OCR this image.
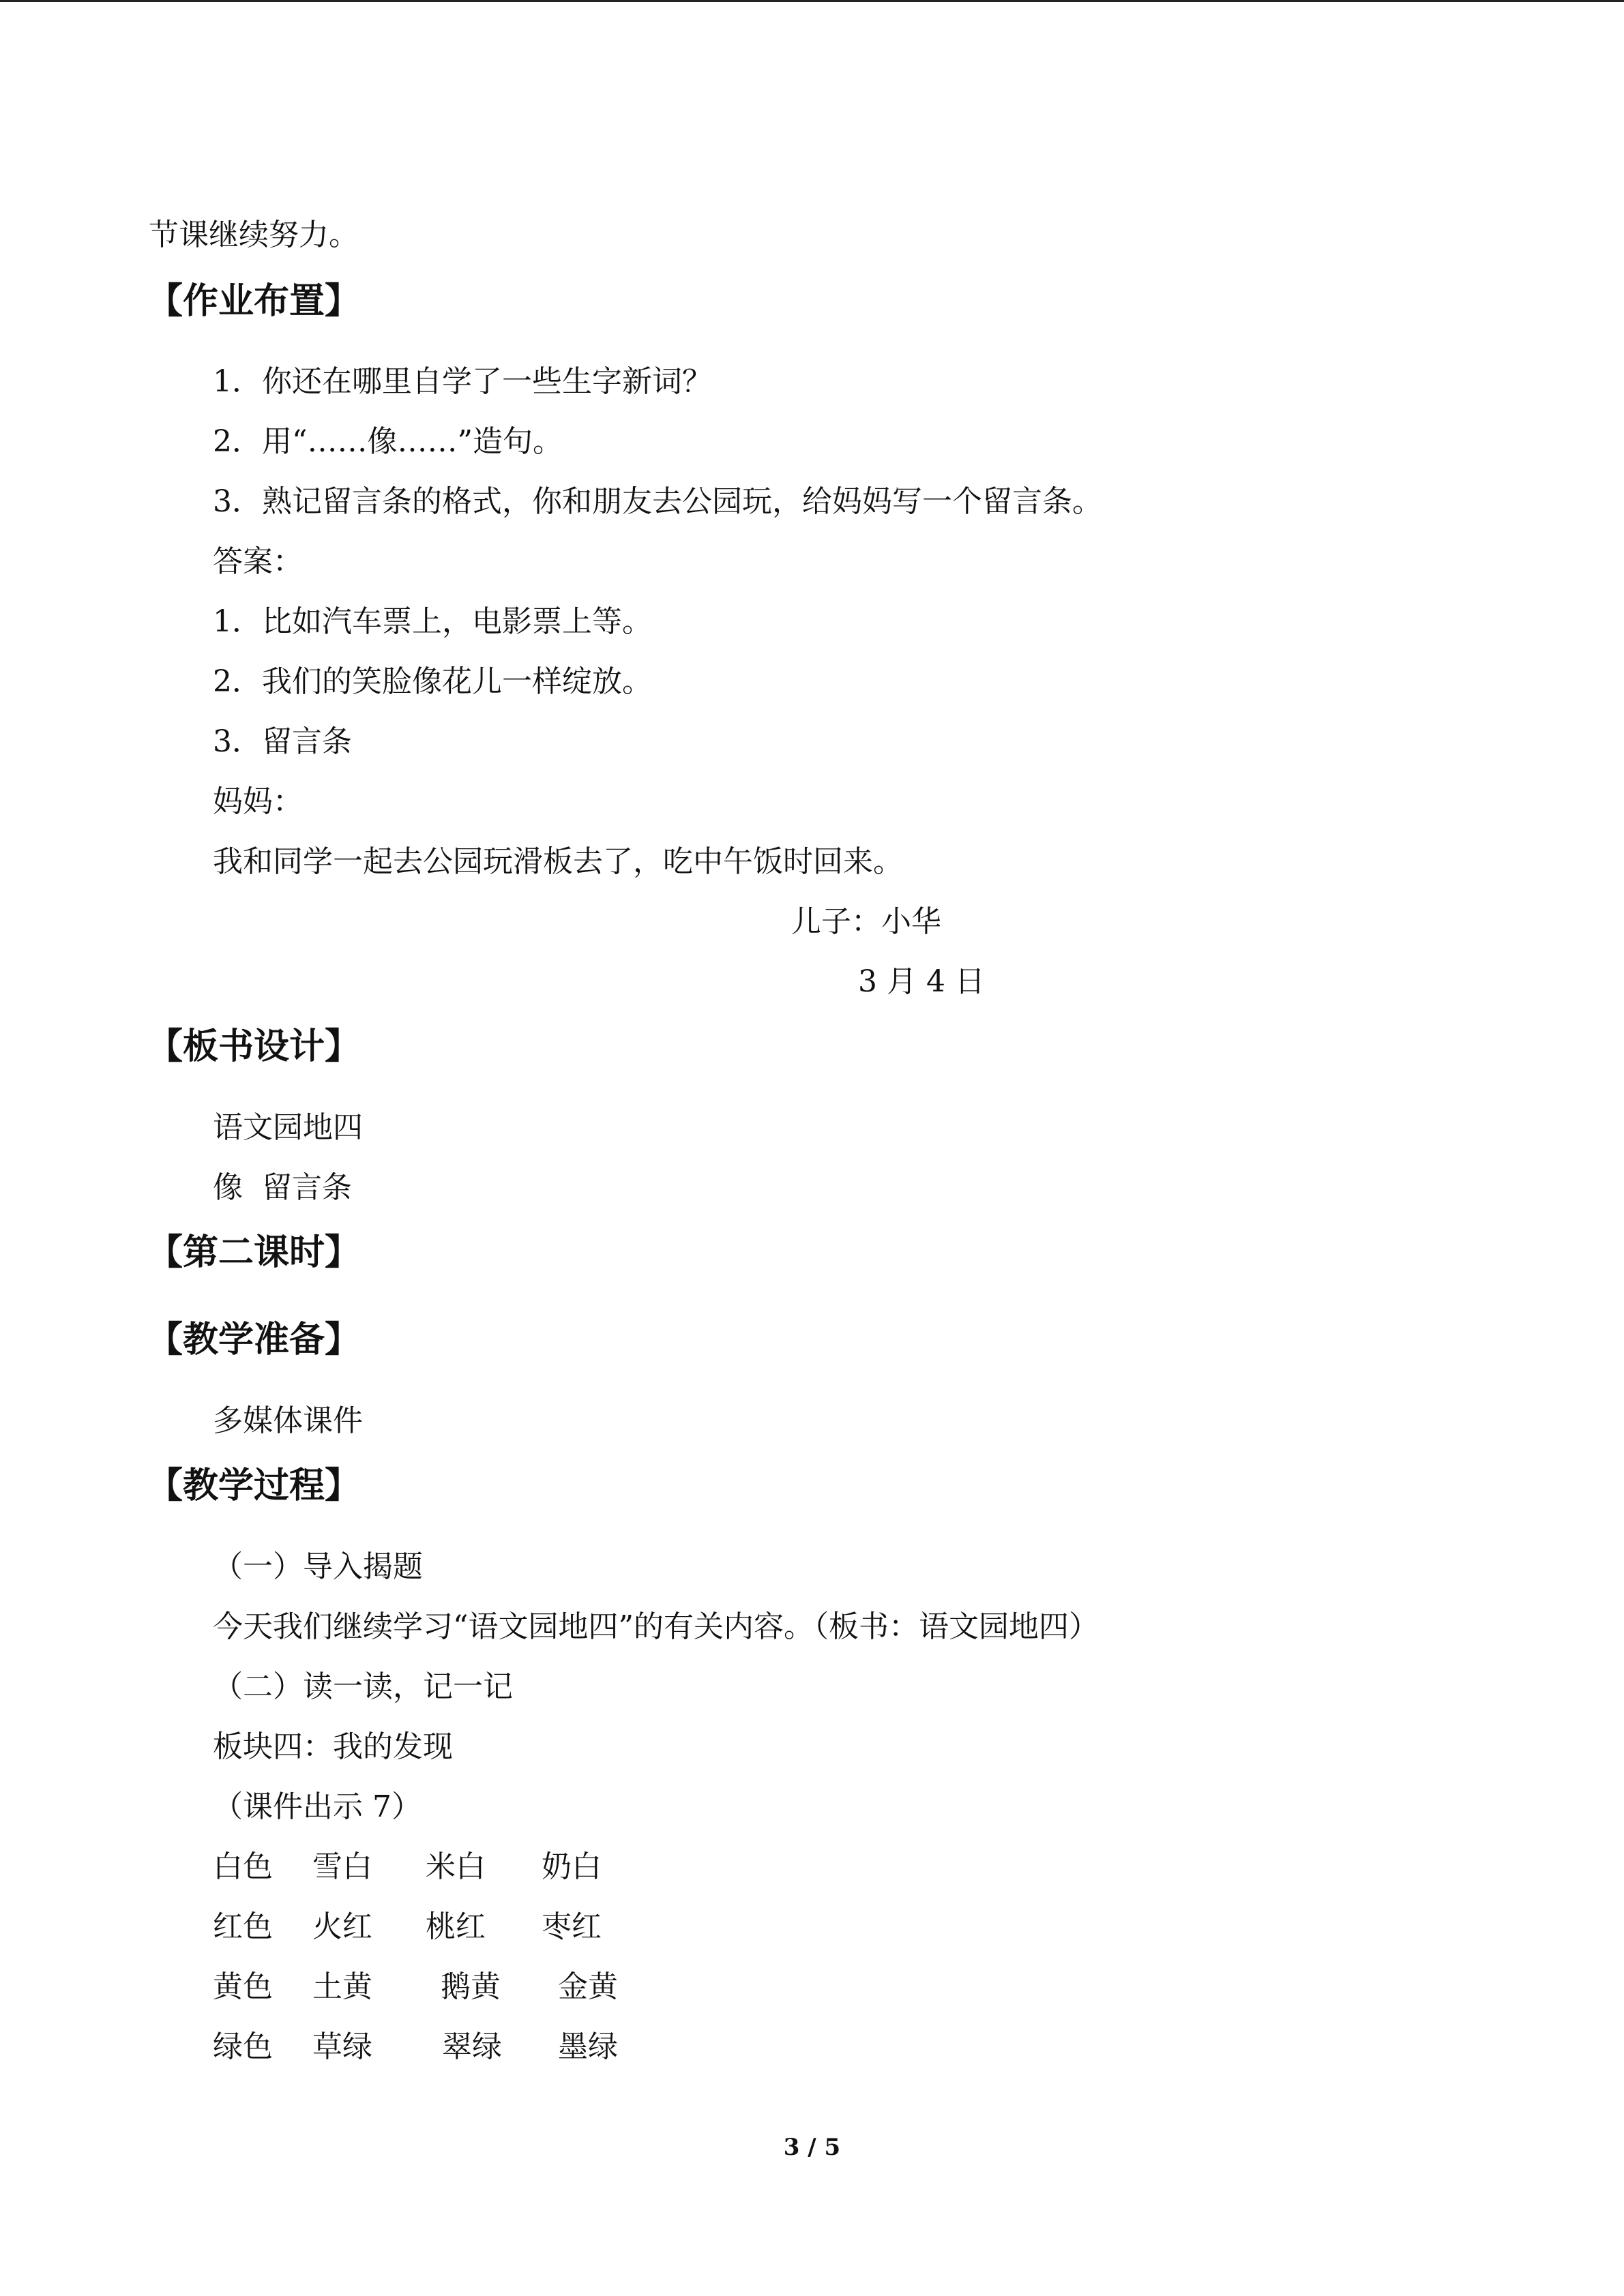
节课继续努力。
【作业布置】
1．你还在哪里自学了一些生字新词？
2．用“……像……”造句。
3．熟记留言条的格式，你和朋友去公园玩，给妈妈写一个留言条。
答案：
1．比如汽车票上，电影票上等。
2．我们的笑脸像花儿一样绽放。
3．留言条
妈妈：
我和同学一起去公园玩滑板去了，吃中午饭时回来。
儿子：小华
3 月 4 日
【板书设计】
语文园地四
像  留言条
【第二课时】
【教学准备】
多媒体课件
【教学过程】
（一）导入揭题
今天我们继续学习“语文园地四”的有关内容。（板书：语文园地四）
（二）读一读，记一记
板块四：我的发现
（课件出示 7）
白色 雪白 米白 奶白
红色 火红 桃红 枣红
黄色 土黄 鹅黄 金黄
绿色 草绿 翠绿 墨绿
3 / 5
